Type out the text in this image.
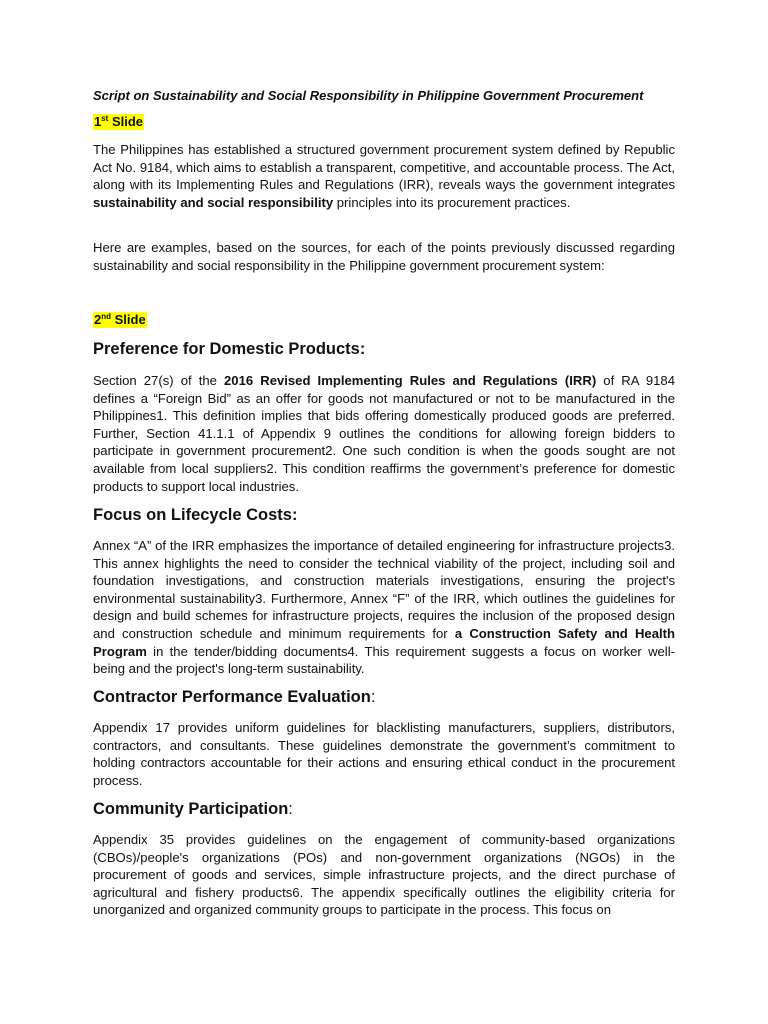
Script on Sustainability and Social Responsibility in Philippine Government Procurement
1st Slide

The Philippines has established a structured government procurement system defined by Republic Act No. 9184, which aims to establish a transparent, competitive, and accountable process. The Act, along with its Implementing Rules and Regulations (IRR), reveals ways the government integrates sustainability and social responsibility principles into its procurement practices.

Here are examples, based on the sources, for each of the points previously discussed regarding sustainability and social responsibility in the Philippine government procurement system:

2nd Slide
Preference for Domestic Products:

Section 27(s) of the 2016 Revised Implementing Rules and Regulations (IRR) of RA 9184 defines a “Foreign Bid” as an offer for goods not manufactured or not to be manufactured in the Philippines1. This definition implies that bids offering domestically produced goods are preferred. Further, Section 41.1.1 of Appendix 9 outlines the conditions for allowing foreign bidders to participate in government procurement2. One such condition is when the goods sought are not available from local suppliers2. This condition reaffirms the government’s preference for domestic products to support local industries.

Focus on Lifecycle Costs:

Annex “A” of the IRR emphasizes the importance of detailed engineering for infrastructure projects3. This annex highlights the need to consider the technical viability of the project, including soil and foundation investigations, and construction materials investigations, ensuring the project's environmental sustainability3. Furthermore, Annex “F” of the IRR, which outlines the guidelines for design and build schemes for infrastructure projects, requires the inclusion of the proposed design and construction schedule and minimum requirements for a Construction Safety and Health Program in the tender/bidding documents4. This requirement suggests a focus on worker well-being and the project's long-term sustainability.

Contractor Performance Evaluation:

Appendix 17 provides uniform guidelines for blacklisting manufacturers, suppliers, distributors, contractors, and consultants. These guidelines demonstrate the government’s commitment to holding contractors accountable for their actions and ensuring ethical conduct in the procurement process.

Community Participation:

Appendix 35 provides guidelines on the engagement of community-based organizations (CBOs)/people's organizations (POs) and non-government organizations (NGOs) in the procurement of goods and services, simple infrastructure projects, and the direct purchase of agricultural and fishery products6. The appendix specifically outlines the eligibility criteria for unorganized and organized community groups to participate in the process. This focus on
